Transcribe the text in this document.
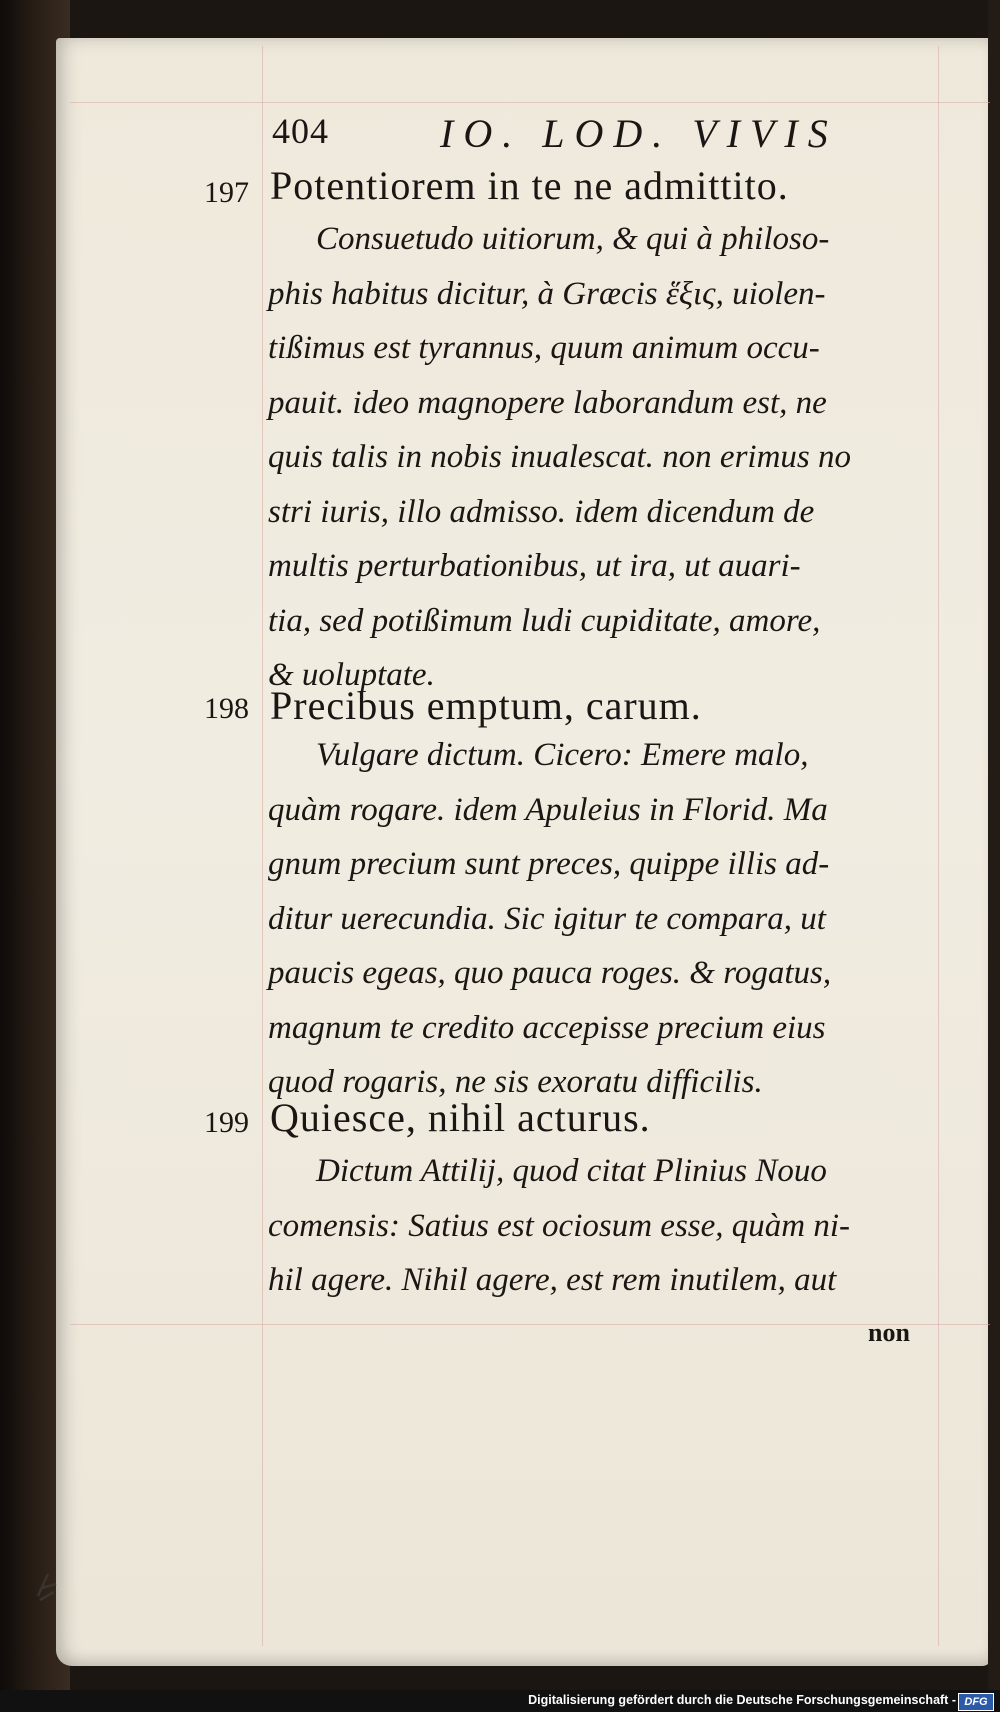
404	IO. LOD. VIVIS
197 Potentiorem in te ne admittito.
Consuetudo uitiorum, & qui à philoso-
phis habitus dicitur, à Græcis ἕξις, uiolen-
tißimus est tyrannus, quum animum occu-
pauit. ideo magnopere laborandum est, ne
quis talis in nobis inualescat. non erimus no
stri iuris, illo admisso. idem dicendum de
multis perturbationibus, ut ira, ut auari-
tia, sed potißimum ludi cupiditate, amore,
& uoluptate.
198 Precibus emptum, carum.
Vulgare dictum. Cicero: Emere malo,
quàm rogare. idem Apuleius in Florid. Ma
gnum precium sunt preces, quippe illis ad-
ditur uerecundia. Sic igitur te compara, ut
paucis egeas, quo pauca roges. & rogatus,
magnum te credito accepisse precium eius
quod rogaris, ne sis exoratu difficilis.
199 Quiesce, nihil acturus.
Dictum Attilij, quod citat Plinius Nouo
comensis: Satius est ociosum esse, quàm ni-
hil agere. Nihil agere, est rem inutilem, aut
non
Digitalisierung gefördert durch die Deutsche Forschungsgemeinschaft - DFG
